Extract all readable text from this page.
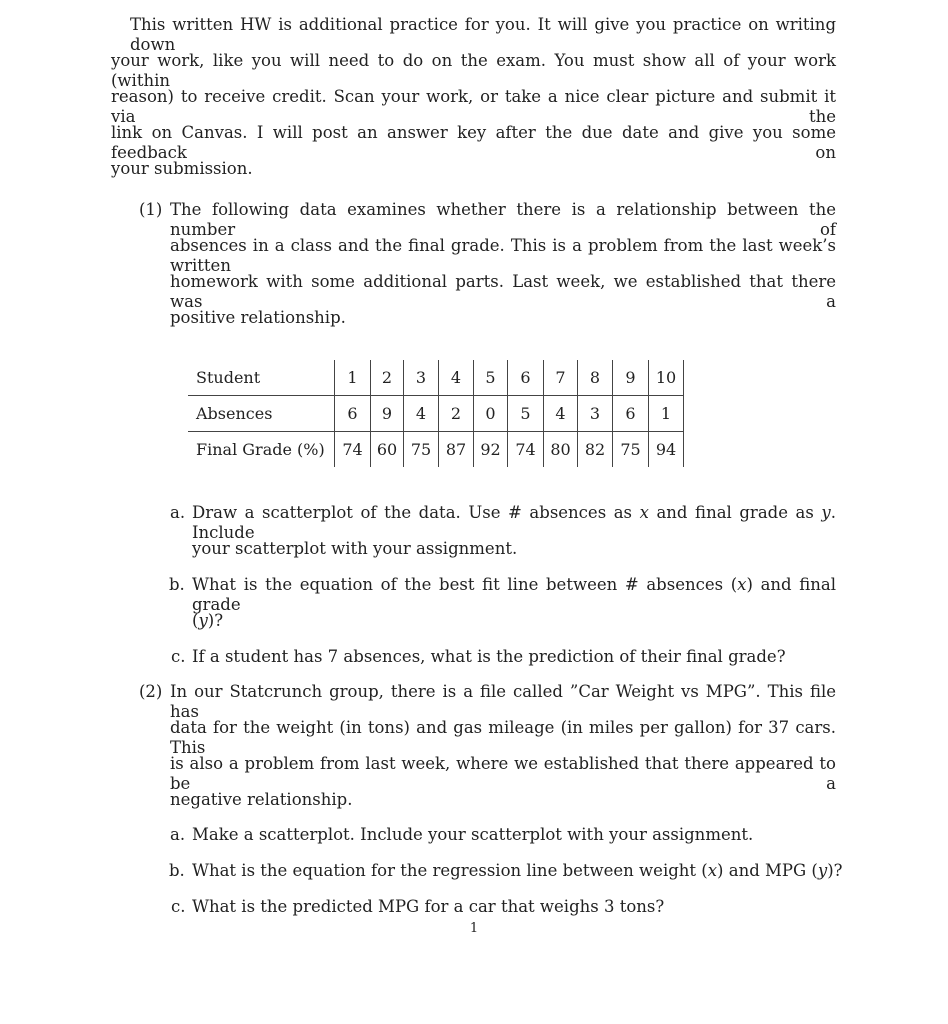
This written HW is additional practice for you. It will give you practice on writing down
your work, like you will need to do on the exam. You must show all of your work (within
reason) to receive credit. Scan your work, or take a nice clear picture and submit it via the
link on Canvas. I will post an answer key after the due date and give you some feedback on
your submission.
(1) The following data examines whether there is a relationship between the number of
absences in a class and the final grade. This is a problem from the last week’s written
homework with some additional parts. Last week, we established that there was a
positive relationship.
Student	1	2	3	4	5	6	7	8	9	10
Absences	6	9	4	2	0	5	4	3	6	1
Final Grade (%)	74	60	75	87	92	74	80	82	75	94
a. Draw a scatterplot of the data. Use # absences as x and final grade as y. Include
your scatterplot with your assignment.
b. What is the equation of the best fit line between # absences (x) and final grade
(y)?
c. If a student has 7 absences, what is the prediction of their final grade?
(2) In our Statcrunch group, there is a file called ”Car Weight vs MPG”. This file has
data for the weight (in tons) and gas mileage (in miles per gallon) for 37 cars. This
is also a problem from last week, where we established that there appeared to be a
negative relationship.
a. Make a scatterplot. Include your scatterplot with your assignment.
b. What is the equation for the regression line between weight (x) and MPG (y)?
c. What is the predicted MPG for a car that weighs 3 tons?
1
